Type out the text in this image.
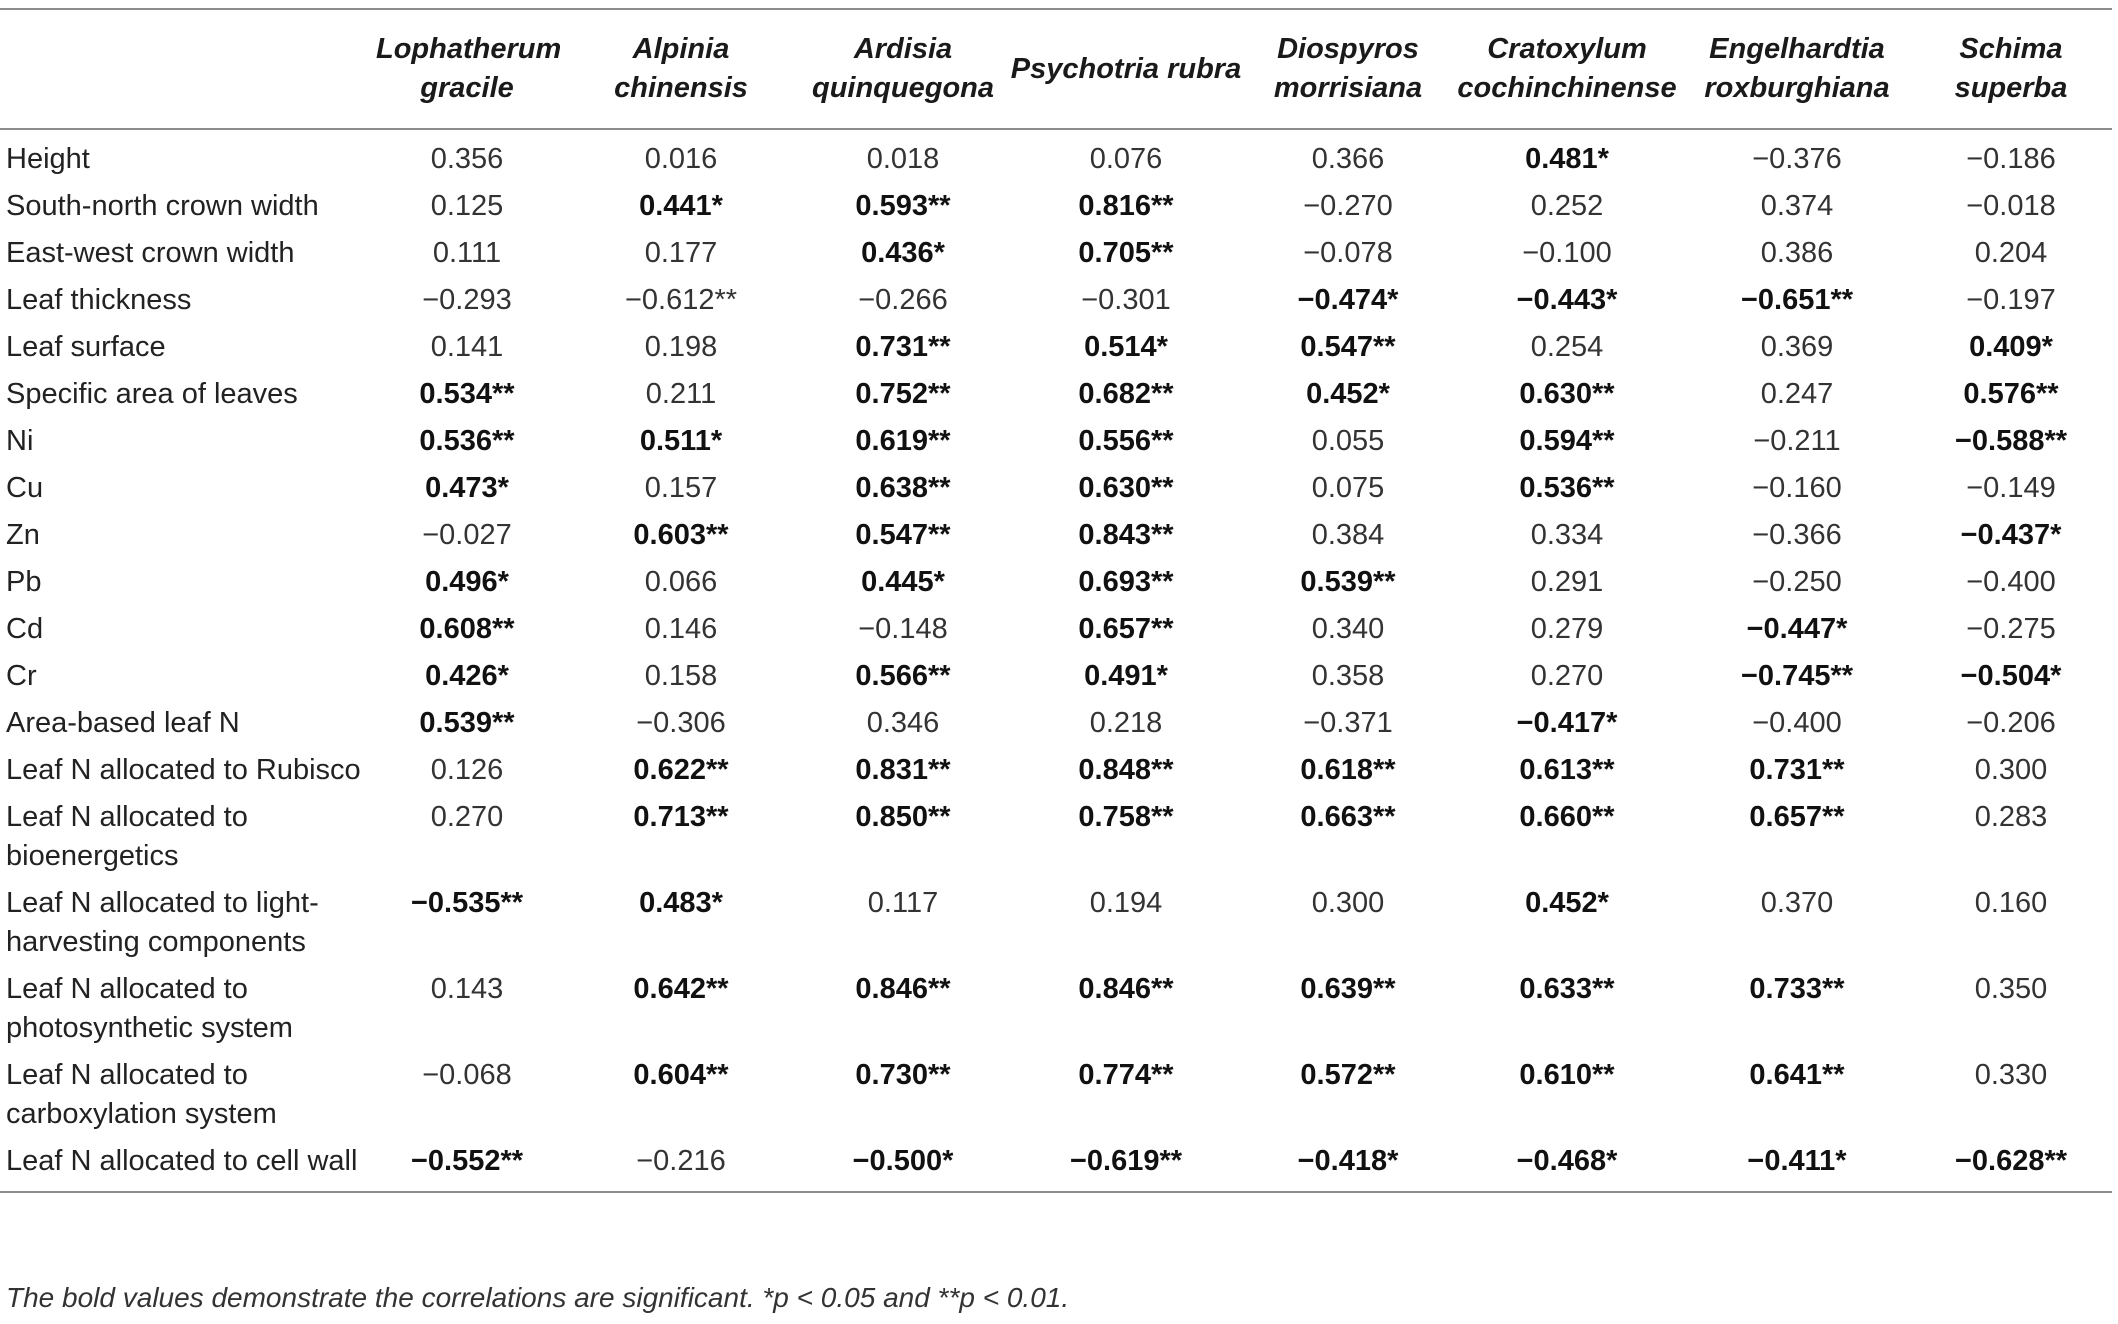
	Lophatherum gracile	Alpinia chinensis	Ardisia quinquegona	Psychotria rubra	Diospyros morrisiana	Cratoxylum cochinchinense	Engelhardtia roxburghiana	Schima superba
Height	0.356	0.016	0.018	0.076	0.366	0.481*	−0.376	−0.186
South-north crown width	0.125	0.441*	0.593**	0.816**	−0.270	0.252	0.374	−0.018
East-west crown width	0.111	0.177	0.436*	0.705**	−0.078	−0.100	0.386	0.204
Leaf thickness	−0.293	−0.612**	−0.266	−0.301	−0.474*	−0.443*	−0.651**	−0.197
Leaf surface	0.141	0.198	0.731**	0.514*	0.547**	0.254	0.369	0.409*
Specific area of leaves	0.534**	0.211	0.752**	0.682**	0.452*	0.630**	0.247	0.576**
Ni	0.536**	0.511*	0.619**	0.556**	0.055	0.594**	−0.211	−0.588**
Cu	0.473*	0.157	0.638**	0.630**	0.075	0.536**	−0.160	−0.149
Zn	−0.027	0.603**	0.547**	0.843**	0.384	0.334	−0.366	−0.437*
Pb	0.496*	0.066	0.445*	0.693**	0.539**	0.291	−0.250	−0.400
Cd	0.608**	0.146	−0.148	0.657**	0.340	0.279	−0.447*	−0.275
Cr	0.426*	0.158	0.566**	0.491*	0.358	0.270	−0.745**	−0.504*
Area-based leaf N	0.539**	−0.306	0.346	0.218	−0.371	−0.417*	−0.400	−0.206
Leaf N allocated to Rubisco	0.126	0.622**	0.831**	0.848**	0.618**	0.613**	0.731**	0.300
Leaf N allocated to bioenergetics	0.270	0.713**	0.850**	0.758**	0.663**	0.660**	0.657**	0.283
Leaf N allocated to light-harvesting components	−0.535**	0.483*	0.117	0.194	0.300	0.452*	0.370	0.160
Leaf N allocated to photosynthetic system	0.143	0.642**	0.846**	0.846**	0.639**	0.633**	0.733**	0.350
Leaf N allocated to carboxylation system	−0.068	0.604**	0.730**	0.774**	0.572**	0.610**	0.641**	0.330
Leaf N allocated to cell wall	−0.552**	−0.216	−0.500*	−0.619**	−0.418*	−0.468*	−0.411*	−0.628**
The bold values demonstrate the correlations are significant. *p < 0.05 and **p < 0.01.
